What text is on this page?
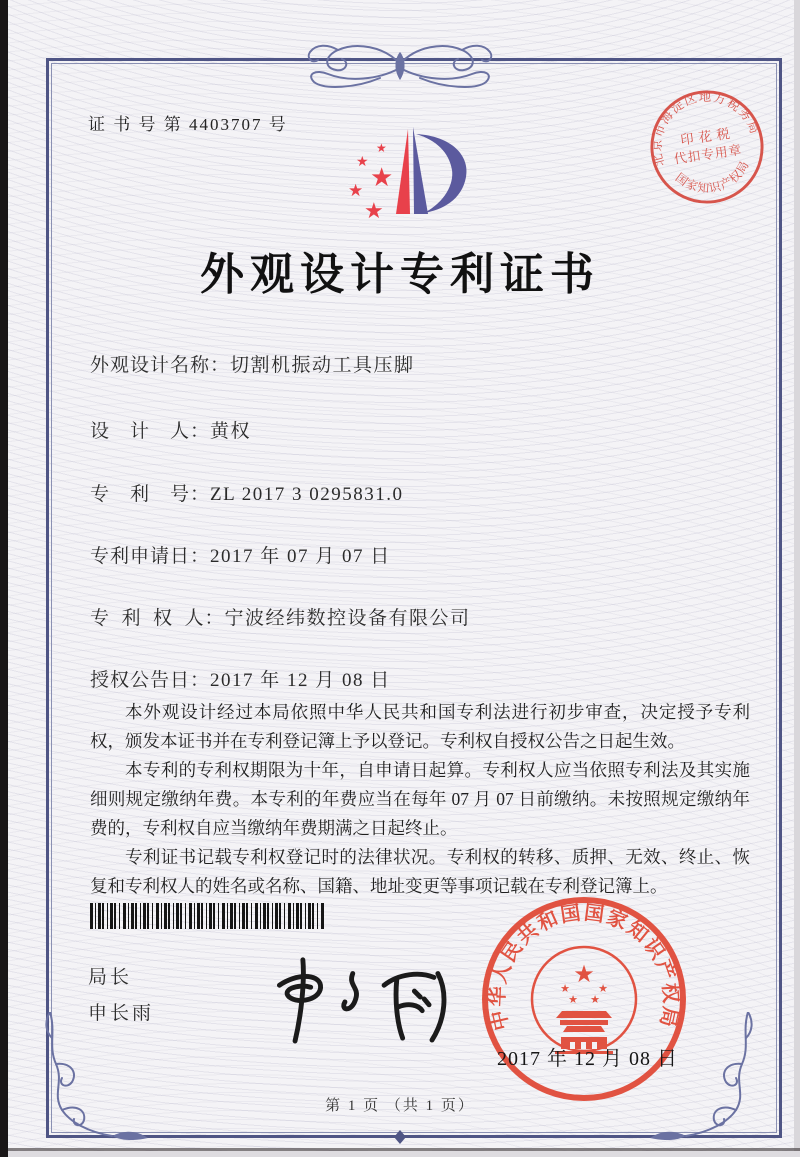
证 书 号 第 4403707 号
★
★
★
★
★
北京市海淀区地方税务局
国家知识产权局
印花税
代扣专用章
外观设计专利证书
外观设计名称：切割机振动工具压脚
设　计　人：黄权
专　利　号：ZL 2017 3 0295831.0
专利申请日：2017 年 07 月 07 日
专  利  权  人：宁波经纬数控设备有限公司
授权公告日：2017 年 12 月 08 日

本外观设计经过本局依照中华人民共和国专利法进行初步审查，决定授予专利权，颁发本证书并在专利登记簿上予以登记。专利权自授权公告之日起生效。

本专利的专利权期限为十年，自申请日起算。专利权人应当依照专利法及其实施细则规定缴纳年费。本专利的年费应当在每年 07 月 07 日前缴纳。未按照规定缴纳年费的，专利权自应当缴纳年费期满之日起终止。

专利证书记载专利权登记时的法律状况。专利权的转移、质押、无效、终止、恢复和专利权人的姓名或名称、国籍、地址变更等事项记载在专利登记簿上。

局长
申长雨	中华人民共和国国家知识产权局
★
★	★
★ ★
2017 年 12 月 08 日
第 1 页 （共 1 页）
